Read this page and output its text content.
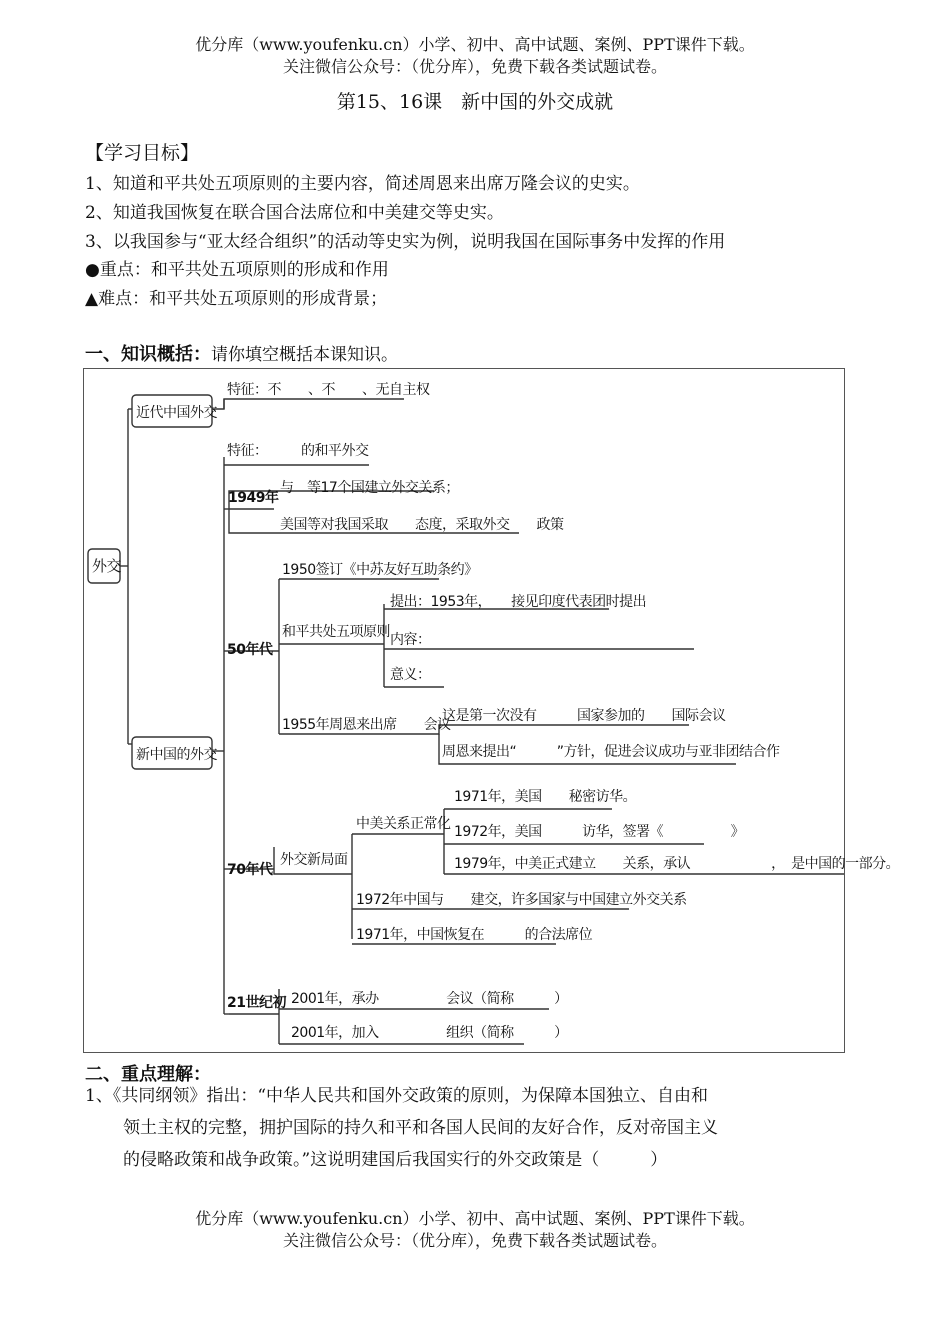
优分库（www.youfenku.cn）小学、初中、高中试题、案例、PPT课件下载。
关注微信公众号：（优分库），免费下载各类试题试卷。
第15、16课　新中国的外交成就
【学习目标】
1、知道和平共处五项原则的主要内容，简述周恩来出席万隆会议的史实。
2、知道我国恢复在联合国合法席位和中美建交等史实。
3、以我国参与“亚太经合组织”的活动等史实为例，说明我国在国际事务中发挥的作用
●重点：和平共处五项原则的形成和作用
▲难点：和平共处五项原则的形成背景；
一、知识概括：请你填空概括本课知识。
外交
近代中国外交
特征：不　　、不　　、无自主权
新中国的外交
特征：　　　的和平外交
1949年
与　等17个国建立外交关系；
美国等对我国采取　　态度，采取外交　　政策
50年代
1950签订《中苏友好互助条约》
和平共处五项原则
提出：1953年，　　接见印度代表团时提出
内容：
意义：
1955年周恩来出席　　会议
这是第一次没有　　　国家参加的　　国际会议
周恩来提出“　　　”方针，促进会议成功与亚非团结合作
70年代
外交新局面
中美关系正常化
1971年，美国　　秘密访华。
1972年，美国　　　访华，签署《　　　　　》
1979年，中美正式建立　　关系，承认　　　　　　，　是中国的一部分。
1972年中国与　　建交，许多国家与中国建立外交关系
1971年，中国恢复在　　　的合法席位
21世纪初 2001年，承办　　　　　会议（简称　　　）
2001年，加入　　　　　组织（简称　　　）
二、重点理解：
1、《共同纲领》指出：“中华人民共和国外交政策的原则，为保障本国独立、自由和
领土主权的完整，拥护国际的持久和平和各国人民间的友好合作，反对帝国主义
的侵略政策和战争政策。”这说明建国后我国实行的外交政策是（　　　）
优分库（www.youfenku.cn）小学、初中、高中试题、案例、PPT课件下载。
关注微信公众号：（优分库），免费下载各类试题试卷。
